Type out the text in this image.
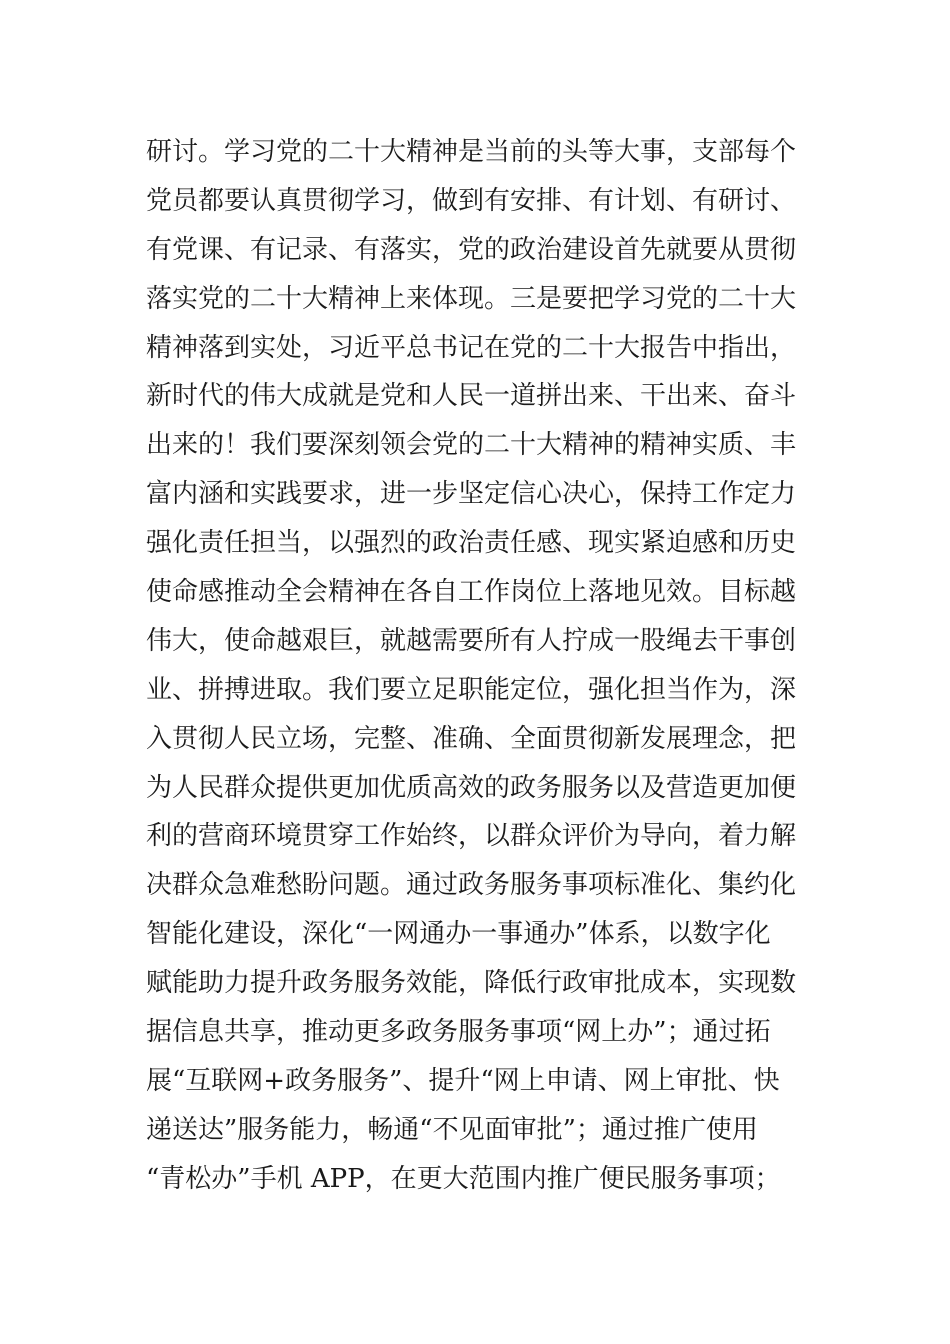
研讨。学习党的二十大精神是当前的头等大事，支部每个
党员都要认真贯彻学习，做到有安排、有计划、有研讨、
有党课、有记录、有落实，党的政治建设首先就要从贯彻
落实党的二十大精神上来体现。三是要把学习党的二十大
精神落到实处，习近平总书记在党的二十大报告中指出，
新时代的伟大成就是党和人民一道拼出来、干出来、奋斗
出来的！我们要深刻领会党的二十大精神的精神实质、丰
富内涵和实践要求，进一步坚定信心决心，保持工作定力
强化责任担当，以强烈的政治责任感、现实紧迫感和历史
使命感推动全会精神在各自工作岗位上落地见效。目标越
伟大，使命越艰巨，就越需要所有人拧成一股绳去干事创
业、拼搏进取。我们要立足职能定位，强化担当作为，深
入贯彻人民立场，完整、准确、全面贯彻新发展理念，把
为人民群众提供更加优质高效的政务服务以及营造更加便
利的营商环境贯穿工作始终，以群众评价为导向，着力解
决群众急难愁盼问题。通过政务服务事项标准化、集约化
智能化建设，深化“一网通办一事通办”体系，以数字化
赋能助力提升政务服务效能，降低行政审批成本，实现数
据信息共享，推动更多政务服务事项“网上办”；通过拓
展“互联网+政务服务”、提升“网上申请、网上审批、快
递送达”服务能力，畅通“不见面审批”；通过推广使用
“青松办”手机 APP，在更大范围内推广便民服务事项；
